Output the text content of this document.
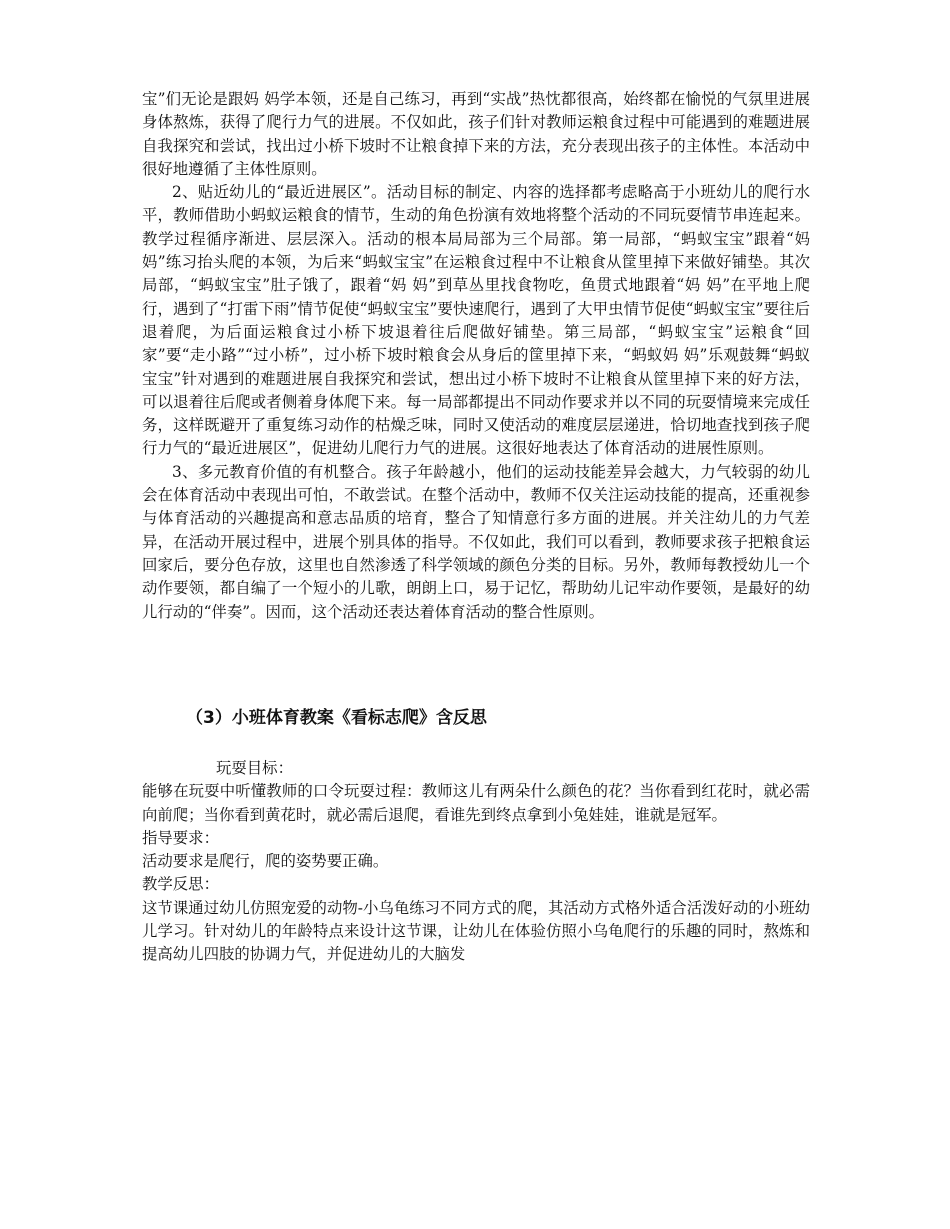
宝”们无论是跟妈 妈学本领，还是自己练习，再到“实战”热忱都很高，始终都在愉悦的气氛里进展身体熬炼，获得了爬行力气的进展。不仅如此，孩子们针对教师运粮食过程中可能遇到的难题进展自我探究和尝试，找出过小桥下坡时不让粮食掉下来的方法，充分表现出孩子的主体性。本活动中很好地遵循了主体性原则。

2、贴近幼儿的“最近进展区”。活动目标的制定、内容的选择都考虑略高于小班幼儿的爬行水平，教师借助小蚂蚁运粮食的情节，生动的角色扮演有效地将整个活动的不同玩耍情节串连起来。教学过程循序渐进、层层深入。活动的根本局局部为三个局部。第一局部，“蚂蚁宝宝”跟着“妈 妈”练习抬头爬的本领，为后来“蚂蚁宝宝”在运粮食过程中不让粮食从筐里掉下来做好铺垫。其次局部，“蚂蚁宝宝”肚子饿了，跟着“妈 妈”到草丛里找食物吃，鱼贯式地跟着“妈 妈”在平地上爬行，遇到了“打雷下雨”情节促使“蚂蚁宝宝”要快速爬行，遇到了大甲虫情节促使“蚂蚁宝宝”要往后退着爬，为后面运粮食过小桥下坡退着往后爬做好铺垫。第三局部，“蚂蚁宝宝”运粮食“回家”要“走小路”“过小桥”，过小桥下坡时粮食会从身后的筐里掉下来，“蚂蚁妈 妈”乐观鼓舞“蚂蚁宝宝”针对遇到的难题进展自我探究和尝试，想出过小桥下坡时不让粮食从筐里掉下来的好方法，可以退着往后爬或者侧着身体爬下来。每一局部都提出不同动作要求并以不同的玩耍情境来完成任务，这样既避开了重复练习动作的枯燥乏味，同时又使活动的难度层层递进，恰切地查找到孩子爬行力气的“最近进展区”，促进幼儿爬行力气的进展。这很好地表达了体育活动的进展性原则。

3、多元教育价值的有机整合。孩子年龄越小，他们的运动技能差异会越大，力气较弱的幼儿会在体育活动中表现出可怕，不敢尝试。在整个活动中，教师不仅关注运动技能的提高，还重视参与体育活动的兴趣提高和意志品质的培育，整合了知情意行多方面的进展。并关注幼儿的力气差异，在活动开展过程中，进展个别具体的指导。不仅如此，我们可以看到，教师要求孩子把粮食运回家后，要分色存放，这里也自然渗透了科学领域的颜色分类的目标。另外，教师每教授幼儿一个动作要领，都自编了一个短小的儿歌，朗朗上口，易于记忆，帮助幼儿记牢动作要领，是最好的幼儿行动的“伴奏”。因而，这个活动还表达着体育活动的整合性原则。

（3）小班体育教案《看标志爬》含反思

玩耍目标：

能够在玩耍中听懂教师的口令玩耍过程：教师这儿有两朵什么颜色的花？当你看到红花时，就必需向前爬；当你看到黄花时，就必需后退爬，看谁先到终点拿到小兔娃娃，谁就是冠军。

指导要求：

活动要求是爬行，爬的姿势要正确。

教学反思：

这节课通过幼儿仿照宠爱的动物-小乌龟练习不同方式的爬，其活动方式格外适合活泼好动的小班幼儿学习。针对幼儿的年龄特点来设计这节课，让幼儿在体验仿照小乌龟爬行的乐趣的同时，熬炼和提高幼儿四肢的协调力气，并促进幼儿的大脑发
